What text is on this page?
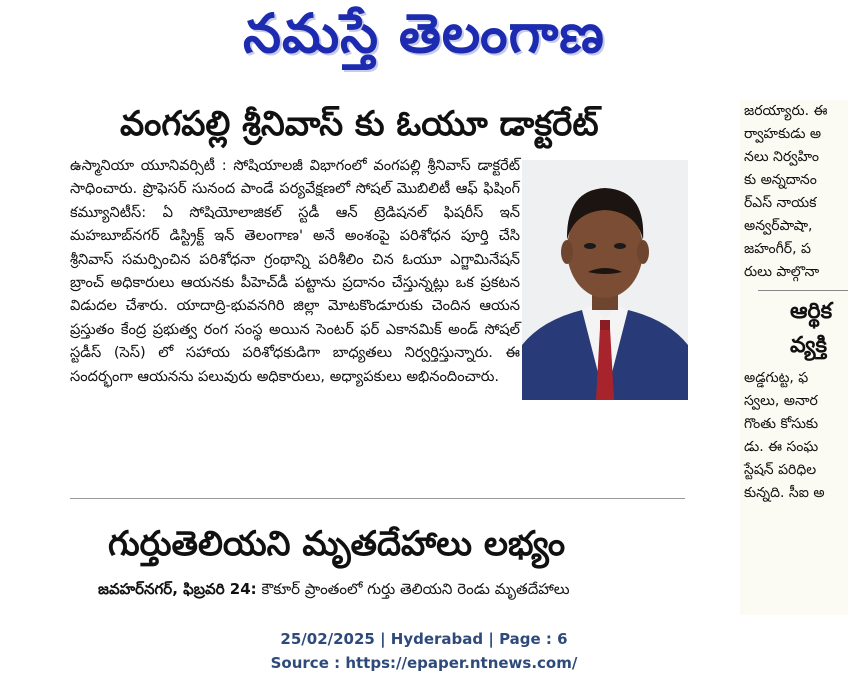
నమస్తే తెలంగాణ
జరయ్యారు. ఈ
ర్వాహకుడు అ
నలు నిర్వహిం
కు అన్నదానం
ర్‌ఎస్ నాయక
అన్వర్‌పాషా,
జహంగీర్, ప
రులు పాల్గొనా
ఆర్థిక
వ్యక్తి
అడ్డగుట్ట, ఫ
స్వలు, అనార
గొంతు కోసుకు
డు. ఈ సంఘ
స్టేషన్ పరిధిల
కున్నది. సీఐ అ
వంగపల్లి శ్రీనివాస్ కు ఓయూ డాక్టరేట్

ఉస్మానియా యూనివర్సిటీ : సోషియాలజీ విభాగంలో వంగపల్లి శ్రీనివాస్ డాక్టరేట్ సాధించారు. ప్రొఫెసర్ సునంద పాండే పర్యవేక్షణలో సోషల్ మొబిలిటీ ఆఫ్ ఫిషింగ్ కమ్యూనిటీస్: ఏ సోషియోలాజికల్ స్టడీ ఆన్ ట్రెడిషనల్ ఫిషరీస్ ఇన్ మహబూబ్‌నగర్ డిస్ట్రిక్ట్ ఇన్ తెలంగాణ' అనే అంశంపై పరిశోధన పూర్తి చేసి శ్రీనివాస్ సమర్పించిన పరిశోధనా గ్రంథాన్ని పరిశీలిం చిన ఓయూ ఎగ్జామినేషన్ బ్రాంచ్ అధికారులు ఆయనకు పీహెచ్‌డీ పట్టాను ప్రదానం చేస్తున్నట్లు ఒక ప్రకటన విడుదల చేశారు. యాదాద్రి-భువనగిరి జిల్లా మోటకొండూరుకు చెందిన ఆయన ప్రస్తుతం కేంద్ర ప్రభుత్వ రంగ సంస్థ అయిన సెంటర్ ఫర్ ఎకానమిక్ అండ్ సోషల్ స్టడీస్ (సెస్) లో సహాయ పరిశోధకుడిగా బాధ్యతలు నిర్వర్తిస్తున్నారు. ఈ సందర్భంగా ఆయనను పలువురు అధికారులు, అధ్యాపకులు అభినందించారు.

గుర్తుతెలియని మృతదేహాలు లభ్యం
జవహర్‌నగర్, ఫిబ్రవరి 24: కౌకూర్ ప్రాంతంలో గుర్తు తెలియని రెండు మృతదేహాలు
25/02/2025 | Hyderabad | Page : 6
Source : https://epaper.ntnews.com/
